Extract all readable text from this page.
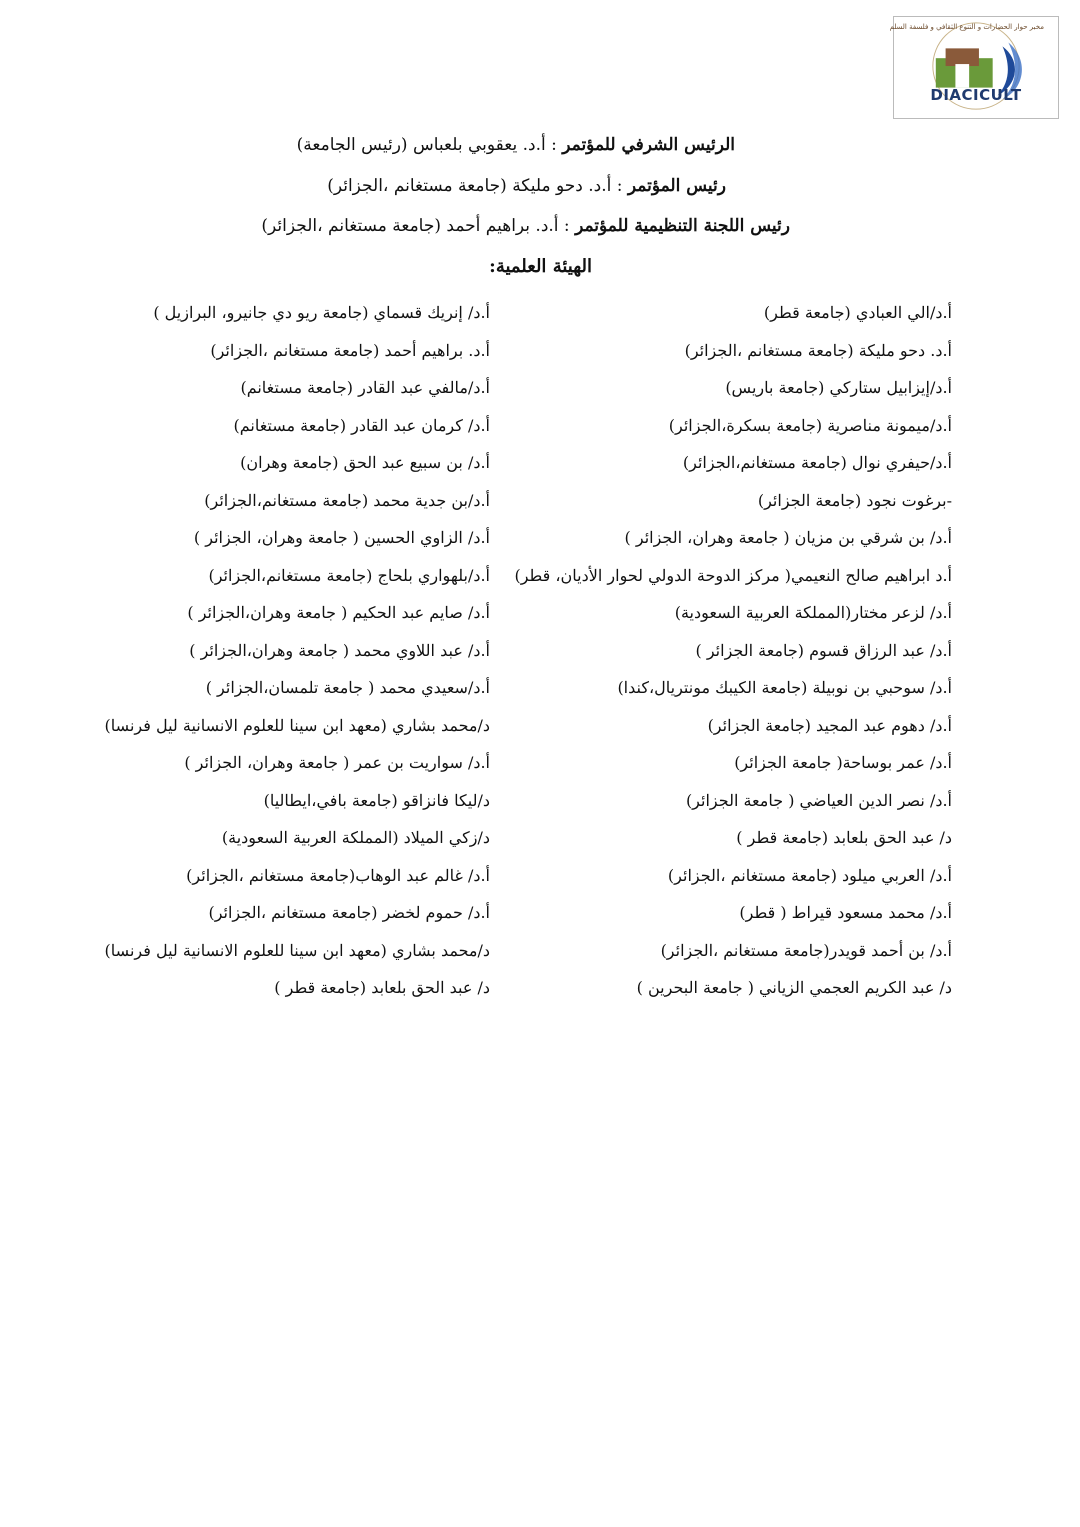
مخبر حوار الحضارات و التنوع الثقافي و فلسفة السلم
DIACICULT
الرئيس الشرفي للمؤتمر : أ.د. يعقوبي بلعباس (رئيس الجامعة)
رئيس المؤتمر : أ.د. دحو مليكة (جامعة مستغانم ،الجزائر)
رئيس اللجنة التنظيمية للمؤتمر : أ.د. براهيم أحمد (جامعة مستغانم ،الجزائر)
الهيئة العلمية:
أ.د/الي العبادي (جامعة قطر)
أ.د. دحو مليكة (جامعة مستغانم ،الجزائر)
أ.د/إيزابيل ستاركي (جامعة باريس)
أ.د/ميمونة مناصرية (جامعة بسكرة،الجزائر)
أ.د/حيفري نوال (جامعة مستغانم،الجزائر)
-برغوت نجود (جامعة الجزائر)
أ.د/ بن شرقي بن مزيان ( جامعة وهران، الجزائر )
أ.د ابراهيم صالح النعيمي( مركز الدوحة الدولي لحوار الأديان، قطر)
أ.د/ لزعر مختار(المملكة العربية السعودية)
أ.د/ عبد الرزاق قسوم (جامعة الجزائر )
أ.د/ سوحبي بن نوبيلة (جامعة الكيبك مونتريال،كندا)
أ.د/ دهوم عبد المجيد (جامعة الجزائر)
أ.د/ عمر بوساحة( جامعة الجزائر)
أ.د/ نصر الدين العياضي ( جامعة الجزائر)
د/ عبد الحق بلعابد (جامعة قطر )
أ.د/ العربي ميلود (جامعة مستغانم ،الجزائر)
أ.د/ محمد مسعود قيراط ( قطر)
أ.د/ بن أحمد قويدر(جامعة مستغانم ،الجزائر)
د/ عبد الكريم العجمي الزياني ( جامعة البحرين )
أ.د/ إنريك قسماي (جامعة ريو دي جانيرو، البرازيل )
أ.د. براهيم أحمد (جامعة مستغانم ،الجزائر)
أ.د/مالفي عبد القادر (جامعة مستغانم)
أ.د/ كرمان عبد القادر (جامعة مستغانم)
أ.د/ بن سبيع عبد الحق (جامعة وهران)
أ.د/بن جدية محمد (جامعة مستغانم،الجزائر)
أ.د/ الزاوي الحسين ( جامعة وهران، الجزائر )
أ.د/بلهواري بلحاج (جامعة مستغانم،الجزائر)
أ.د/ صايم عبد الحكيم ( جامعة وهران،الجزائر )
أ.د/ عبد اللاوي محمد ( جامعة وهران،الجزائر )
أ.د/سعيدي محمد ( جامعة تلمسان،الجزائر )
د/محمد بشاري (معهد ابن سينا للعلوم الانسانية ليل فرنسا)
أ.د/ سواريت بن عمر ( جامعة وهران، الجزائر )
د/ليكا فانزاقو (جامعة بافي،ايطاليا)
د/زكي الميلاد (المملكة العربية السعودية)
أ.د/ غالم عبد الوهاب(جامعة مستغانم ،الجزائر)
أ.د/ حموم لخضر (جامعة مستغانم ،الجزائر)
د/محمد بشاري (معهد ابن سينا للعلوم الانسانية ليل فرنسا)
د/ عبد الحق بلعابد (جامعة قطر )
